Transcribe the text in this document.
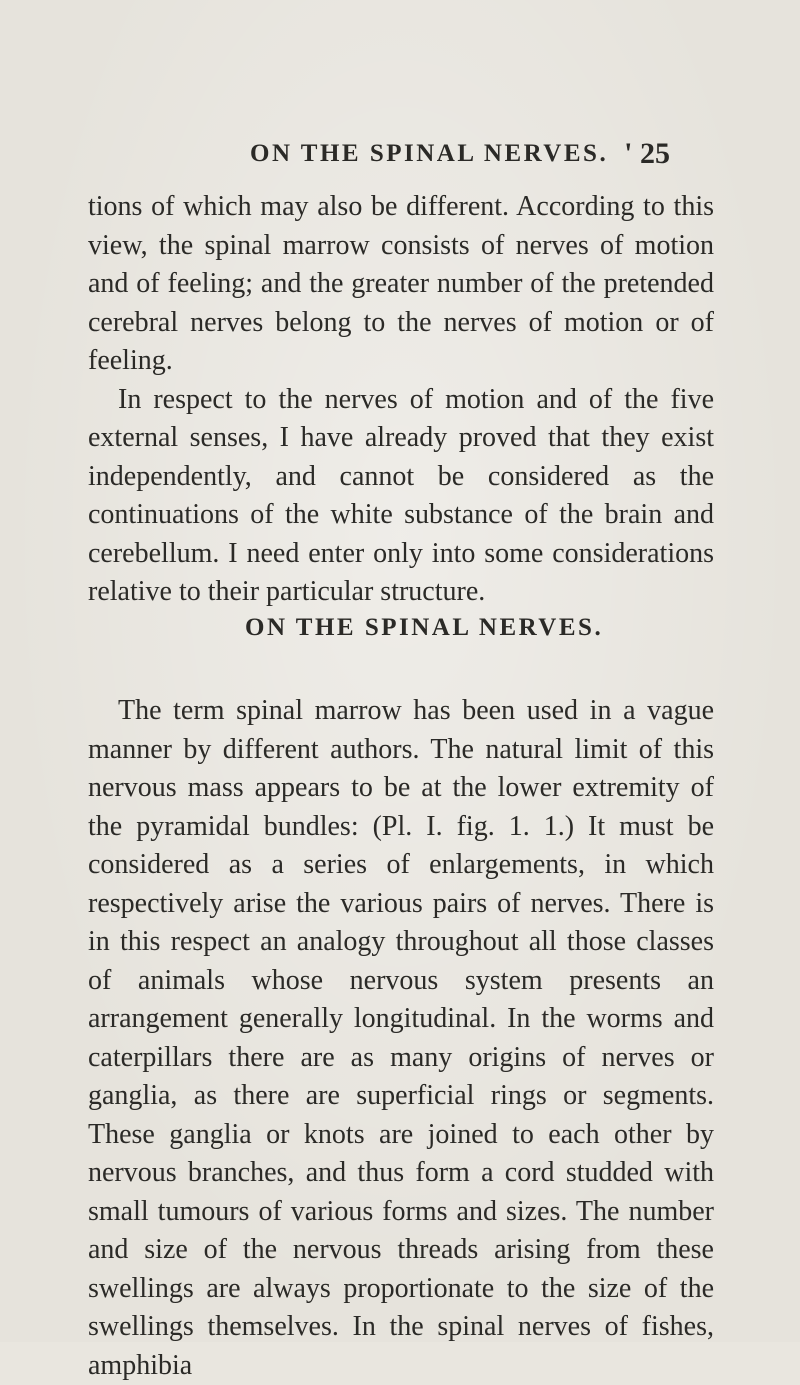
ON THE SPINAL NERVES. ' 25

tions of which may also be different. According to this view, the spinal marrow consists of nerves of motion and of feeling; and the greater number of the pretended cerebral nerves belong to the nerves of motion or of feeling.

In respect to the nerves of motion and of the five external senses, I have already proved that they exist independently, and cannot be considered as the continuations of the white substance of the brain and cerebellum. I need enter only into some considerations relative to their particular structure.

ON THE SPINAL NERVES.

The term spinal marrow has been used in a vague manner by different authors. The natural limit of this nervous mass appears to be at the lower extremity of the pyramidal bundles: (Pl. I. fig. 1. 1.) It must be considered as a series of enlargements, in which respectively arise the various pairs of nerves. There is in this respect an analogy throughout all those classes of animals whose nervous system presents an arrangement generally longitudinal. In the worms and caterpillars there are as many origins of nerves or ganglia, as there are superficial rings or segments. These ganglia or knots are joined to each other by nervous branches, and thus form a cord studded with small tumours of various forms and sizes. The number and size of the nervous threads arising from these swellings are always proportionate to the size of the swellings themselves. In the spinal nerves of fishes, amphibia
